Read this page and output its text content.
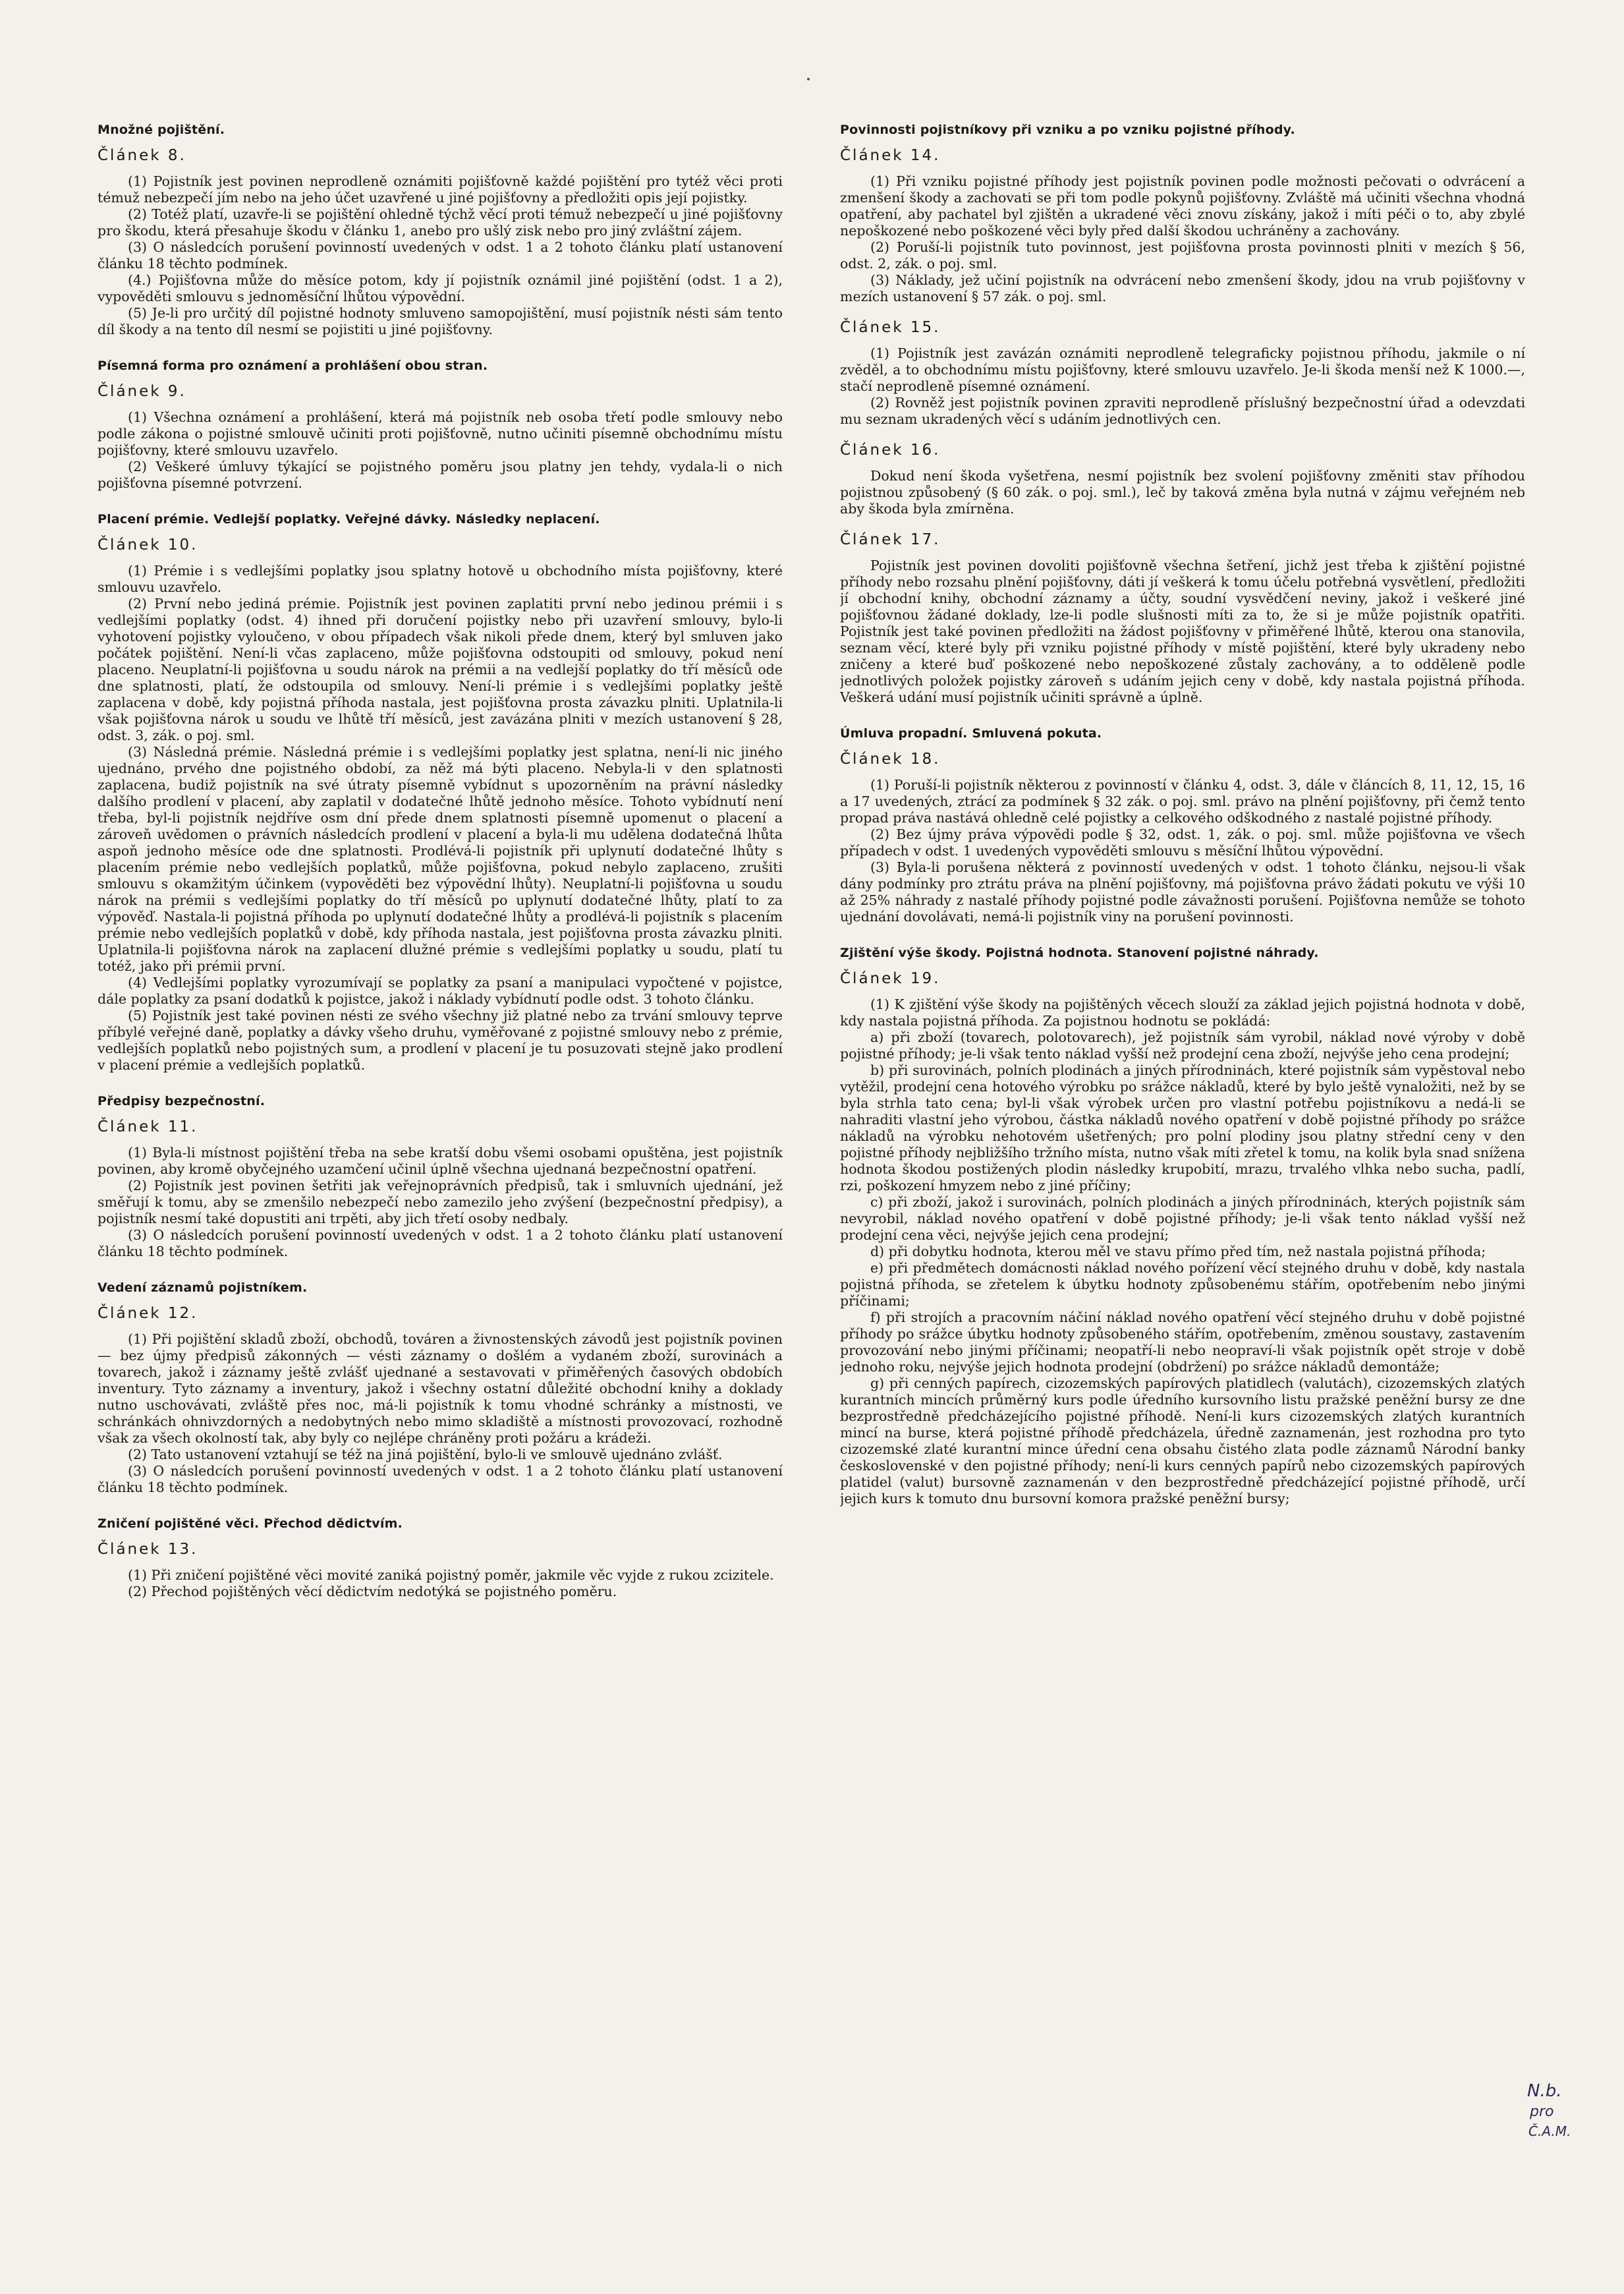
Množné pojištění.
Článek 8.

(1) Pojistník jest povinen neprodleně oznámiti pojišťovně každé pojištění pro tytéž věci proti témuž nebezpečí jím nebo na jeho účet uzavřené u jiné pojišťovny a předložiti opis její pojistky.

(2) Totéž platí, uzavře-li se pojištění ohledně týchž věcí proti témuž nebezpečí u jiné pojišťovny pro škodu, která přesahuje škodu v článku 1, anebo pro ušlý zisk nebo pro jiný zvláštní zájem.

(3) O následcích porušení povinností uvedených v odst. 1 a 2 tohoto článku platí ustanovení článku 18 těchto podmínek.

(4.) Pojišťovna může do měsíce potom, kdy jí pojistník oznámil jiné pojištění (odst. 1 a 2), vypověděti smlouvu s jednoměsíční lhůtou výpovědní.

(5) Je-li pro určitý díl pojistné hodnoty smluveno samopojištění, musí pojistník nésti sám tento díl škody a na tento díl nesmí se pojistiti u jiné pojišťovny.

Písemná forma pro oznámení a prohlášení obou stran.
Článek 9.

(1) Všechna oznámení a prohlášení, která má pojistník neb osoba třetí podle smlouvy nebo podle zákona o pojistné smlouvě učiniti proti pojišťovně, nutno učiniti písemně obchodnímu místu pojišťovny, které smlouvu uzavřelo.

(2) Veškeré úmluvy týkající se pojistného poměru jsou platny jen tehdy, vydala-li o nich pojišťovna písemné potvrzení.

Placení prémie. Vedlejší poplatky. Veřejné dávky. Následky neplacení.
Článek 10.

(1) Prémie i s vedlejšími poplatky jsou splatny hotově u obchodního místa pojišťovny, které smlouvu uzavřelo.

(2) První nebo jediná prémie. Pojistník jest povinen zaplatiti první nebo jedinou prémii i s vedlejšími poplatky (odst. 4) ihned při doručení pojistky nebo při uzavření smlouvy, bylo-li vyhotovení pojistky vyloučeno, v obou případech však nikoli přede dnem, který byl smluven jako počátek pojištění. Není-li včas zaplaceno, může pojišťovna odstoupiti od smlouvy, pokud není placeno. Neuplatní-li pojišťovna u soudu nárok na prémii a na vedlejší poplatky do tří měsíců ode dne splatnosti, platí, že odstoupila od smlouvy. Není-li prémie i s vedlejšími poplatky ještě zaplacena v době, kdy pojistná příhoda nastala, jest pojišťovna prosta závazku plniti. Uplatnila-li však pojišťovna nárok u soudu ve lhůtě tří měsíců, jest zavázána plniti v mezích ustanovení § 28, odst. 3, zák. o poj. sml.

(3) Následná prémie. Následná prémie i s vedlejšími poplatky jest splatna, není-li nic jiného ujednáno, prvého dne pojistného období, za něž má býti placeno. Nebyla-li v den splatnosti zaplacena, budiž pojistník na své útraty písemně vybídnut s upozorněním na právní následky dalšího prodlení v placení, aby zaplatil v dodatečné lhůtě jednoho měsíce. Tohoto vybídnutí není třeba, byl-li pojistník nejdříve osm dní přede dnem splatnosti písemně upomenut o placení a zároveň uvědomen o právních následcích prodlení v placení a byla-li mu udělena dodatečná lhůta aspoň jednoho měsíce ode dne splatnosti. Prodlévá-li pojistník při uplynutí dodatečné lhůty s placením prémie nebo vedlejších poplatků, může pojišťovna, pokud nebylo zaplaceno, zrušiti smlouvu s okamžitým účinkem (vypověděti bez výpovědní lhůty). Neuplatní-li pojišťovna u soudu nárok na prémii s vedlejšími poplatky do tří měsíců po uplynutí dodatečné lhůty, platí to za výpověď. Nastala-li pojistná příhoda po uplynutí dodatečné lhůty a prodlévá-li pojistník s placením prémie nebo vedlejších poplatků v době, kdy příhoda nastala, jest pojišťovna prosta závazku plniti. Uplatnila-li pojišťovna nárok na zaplacení dlužné prémie s vedlejšími poplatky u soudu, platí tu totéž, jako při prémii první.

(4) Vedlejšími poplatky vyrozumívají se poplatky za psaní a manipulaci vypočtené v pojistce, dále poplatky za psaní dodatků k pojistce, jakož i náklady vybídnutí podle odst. 3 tohoto článku.

(5) Pojistník jest také povinen nésti ze svého všechny již platné nebo za trvání smlouvy teprve příbylé veřejné daně, poplatky a dávky všeho druhu, vyměřované z pojistné smlouvy nebo z prémie, vedlejších poplatků nebo pojistných sum, a prodlení v placení je tu posuzovati stejně jako prodlení v placení prémie a vedlejších poplatků.

Předpisy bezpečnostní.
Článek 11.

(1) Byla-li místnost pojištění třeba na sebe kratší dobu všemi osobami opuštěna, jest pojistník povinen, aby kromě obyčejného uzamčení učinil úplně všechna ujednaná bezpečnostní opatření.

(2) Pojistník jest povinen šetřiti jak veřejnoprávních předpisů, tak i smluvních ujednání, jež směřují k tomu, aby se zmenšilo nebezpečí nebo zamezilo jeho zvýšení (bezpečnostní předpisy), a pojistník nesmí také dopustiti ani trpěti, aby jich třetí osoby nedbaly.

(3) O následcích porušení povinností uvedených v odst. 1 a 2 tohoto článku platí ustanovení článku 18 těchto podmínek.

Vedení záznamů pojistníkem.
Článek 12.

(1) Při pojištění skladů zboží, obchodů, továren a živnostenských závodů jest pojistník povinen — bez újmy předpisů zákonných — vésti záznamy o došlém a vydaném zboží, surovinách a tovarech, jakož i záznamy ještě zvlášť ujednané a sestavovati v přiměřených časových obdobích inventury. Tyto záznamy a inventury, jakož i všechny ostatní důležité obchodní knihy a doklady nutno uschovávati, zvláště přes noc, má-li pojistník k tomu vhodné schránky a místnosti, ve schránkách ohnivzdorných a nedobytných nebo mimo skladiště a místnosti provozovací, rozhodně však za všech okolností tak, aby byly co nejlépe chráněny proti požáru a krádeži.

(2) Tato ustanovení vztahují se též na jiná pojištění, bylo-li ve smlouvě ujednáno zvlášť.

(3) O následcích porušení povinností uvedených v odst. 1 a 2 tohoto článku platí ustanovení článku 18 těchto podmínek.

Zničení pojištěné věci. Přechod dědictvím.
Článek 13.

(1) Při zničení pojištěné věci movité zaniká pojistný poměr, jakmile věc vyjde z rukou zcizitele.

(2) Přechod pojištěných věcí dědictvím nedotýká se pojistného poměru.

Povinnosti pojistníkovy při vzniku a po vzniku pojistné příhody.
Článek 14.

(1) Při vzniku pojistné příhody jest pojistník povinen podle možnosti pečovati o odvrácení a zmenšení škody a zachovati se při tom podle pokynů pojišťovny. Zvláště má učiniti všechna vhodná opatření, aby pachatel byl zjištěn a ukradené věci znovu získány, jakož i míti péči o to, aby zbylé nepoškozené nebo poškozené věci byly před další škodou uchráněny a zachovány.

(2) Poruší-li pojistník tuto povinnost, jest pojišťovna prosta povinnosti plniti v mezích § 56, odst. 2, zák. o poj. sml.

(3) Náklady, jež učiní pojistník na odvrácení nebo zmenšení škody, jdou na vrub pojišťovny v mezích ustanovení § 57 zák. o poj. sml.

Článek 15.

(1) Pojistník jest zavázán oznámiti neprodleně telegraficky pojistnou příhodu, jakmile o ní zvěděl, a to obchodnímu místu pojišťovny, které smlouvu uzavřelo. Je-li škoda menší než K 1000.—, stačí neprodleně písemné oznámení.

(2) Rovněž jest pojistník povinen zpraviti neprodleně příslušný bezpečnostní úřad a odevzdati mu seznam ukradených věcí s udáním jednotlivých cen.

Článek 16.

Dokud není škoda vyšetřena, nesmí pojistník bez svolení pojišťovny změniti stav příhodou pojistnou způsobený (§ 60 zák. o poj. sml.), leč by taková změna byla nutná v zájmu veřejném neb aby škoda byla zmírněna.

Článek 17.

Pojistník jest povinen dovoliti pojišťovně všechna šetření, jichž jest třeba k zjištění pojistné příhody nebo rozsahu plnění pojišťovny, dáti jí veškerá k tomu účelu potřebná vysvětlení, předložiti jí obchodní knihy, obchodní záznamy a účty, soudní vysvědčení neviny, jakož i veškeré jiné pojišťovnou žádané doklady, lze-li podle slušnosti míti za to, že si je může pojistník opatřiti. Pojistník jest také povinen předložiti na žádost pojišťovny v přiměřené lhůtě, kterou ona stanovila, seznam věcí, které byly při vzniku pojistné příhody v místě pojištění, které byly ukradeny nebo zničeny a které buď poškozené nebo nepoškozené zůstaly zachovány, a to odděleně podle jednotlivých položek pojistky zároveň s udáním jejich ceny v době, kdy nastala pojistná příhoda. Veškerá udání musí pojistník učiniti správně a úplně.

Úmluva propadní. Smluvená pokuta.
Článek 18.

(1) Poruší-li pojistník některou z povinností v článku 4, odst. 3, dále v článcích 8, 11, 12, 15, 16 a 17 uvedených, ztrácí za podmínek § 32 zák. o poj. sml. právo na plnění pojišťovny, při čemž tento propad práva nastává ohledně celé pojistky a celkového odškodného z nastalé pojistné příhody.

(2) Bez újmy práva výpovědi podle § 32, odst. 1, zák. o poj. sml. může pojišťovna ve všech případech v odst. 1 uvedených vypověděti smlouvu s měsíční lhůtou výpovědní.

(3) Byla-li porušena některá z povinností uvedených v odst. 1 tohoto článku, nejsou-li však dány podmínky pro ztrátu práva na plnění pojišťovny, má pojišťovna právo žádati pokutu ve výši 10 až 25% náhrady z nastalé příhody pojistné podle závažnosti porušení. Pojišťovna nemůže se tohoto ujednání dovolávati, nemá-li pojistník viny na porušení povinnosti.

Zjištění výše škody. Pojistná hodnota. Stanovení pojistné náhrady.
Článek 19.

(1) K zjištění výše škody na pojištěných věcech slouží za základ jejich pojistná hodnota v době, kdy nastala pojistná příhoda. Za pojistnou hodnotu se pokládá:

a) při zboží (tovarech, polotovarech), jež pojistník sám vyrobil, náklad nové výroby v době pojistné příhody; je-li však tento náklad vyšší než prodejní cena zboží, nejvýše jeho cena prodejní;

b) při surovinách, polních plodinách a jiných přírodninách, které pojistník sám vypěstoval nebo vytěžil, prodejní cena hotového výrobku po srážce nákladů, které by bylo ještě vynaložiti, než by se byla strhla tato cena; byl-li však výrobek určen pro vlastní potřebu pojistníkovu a nedá-li se nahraditi vlastní jeho výrobou, částka nákladů nového opatření v době pojistné příhody po srážce nákladů na výrobku nehotovém ušetřených; pro polní plodiny jsou platny střední ceny v den pojistné příhody nejbližšího tržního místa, nutno však míti zřetel k tomu, na kolik byla snad snížena hodnota škodou postižených plodin následky krupobití, mrazu, trvalého vlhka nebo sucha, padlí, rzi, poškození hmyzem nebo z jiné příčiny;

c) při zboží, jakož i surovinách, polních plodinách a jiných přírodninách, kterých pojistník sám nevyrobil, náklad nového opatření v době pojistné příhody; je-li však tento náklad vyšší než prodejní cena věci, nejvýše jejich cena prodejní;

d) při dobytku hodnota, kterou měl ve stavu přímo před tím, než nastala pojistná příhoda;

e) při předmětech domácnosti náklad nového pořízení věcí stejného druhu v době, kdy nastala pojistná příhoda, se zřetelem k úbytku hodnoty způsobenému stářím, opotřebením nebo jinými příčinami;

f) při strojích a pracovním náčiní náklad nového opatření věcí stejného druhu v době pojistné příhody po srážce úbytku hodnoty způsobeného stářím, opotřebením, změnou soustavy, zastavením provozování nebo jinými příčinami; neopatří-li nebo neopraví-li však pojistník opět stroje v době jednoho roku, nejvýše jejich hodnota prodejní (obdržení) po srážce nákladů demontáže;

g) při cenných papírech, cizozemských papírových platidlech (valutách), cizozemských zlatých kurantních mincích průměrný kurs podle úředního kursovního listu pražské peněžní bursy ze dne bezprostředně předcházejícího pojistné příhodě. Není-li kurs cizozemských zlatých kurantních mincí na burse, která pojistné příhodě předcházela, úředně zaznamenán, jest rozhodna pro tyto cizozemské zlaté kurantní mince úřední cena obsahu čistého zlata podle záznamů Národní banky československé v den pojistné příhody; není-li kurs cenných papírů nebo cizozemských papírových platidel (valut) bursovně zaznamenán v den bezprostředně předcházející pojistné příhodě, určí jejich kurs k tomuto dnu bursovní komora pražské peněžní bursy;

N.b.
pro
Č.A.M.
